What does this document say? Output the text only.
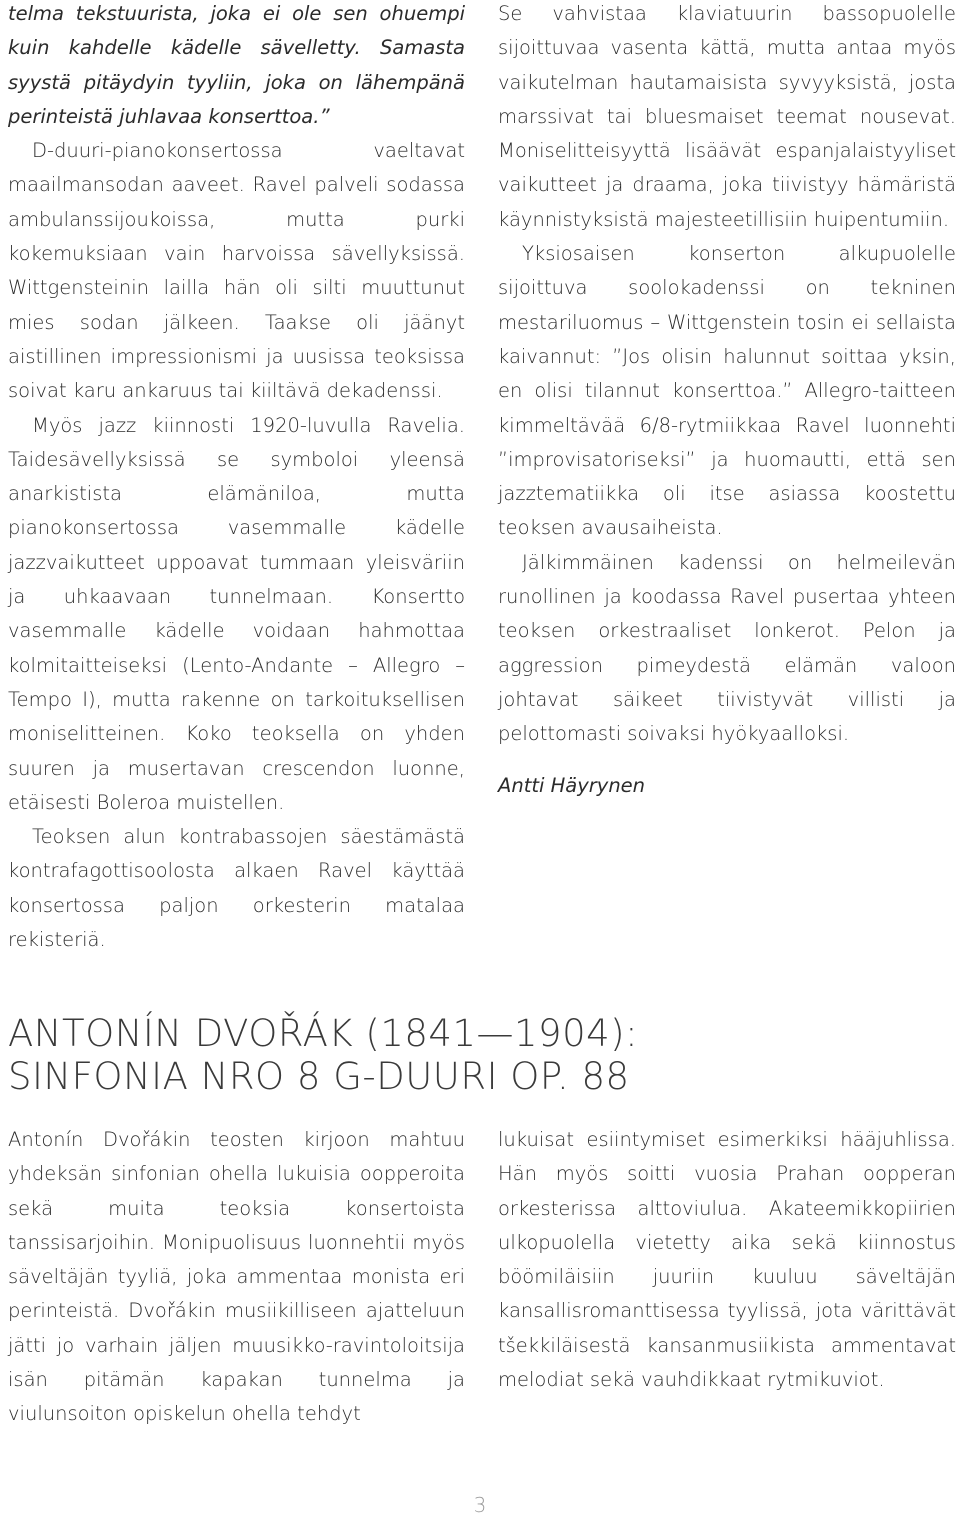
telma tekstuurista, joka ei ole sen ohuempi kuin kahdelle kädelle sävelletty. Samasta syystä pitäydyin tyyliin, joka on lähempänä perinteistä juhlavaa konserttoa.”

D-duuri-pianokonsertossa vaeltavat maailmansodan aaveet. Ravel palveli sodassa ambulanssijoukoissa, mutta purki kokemuksiaan vain harvoissa sävellyksissä. Wittgensteinin lailla hän oli silti muuttunut mies sodan jälkeen. Taakse oli jäänyt aistillinen impressionismi ja uusissa teoksissa soivat karu ankaruus tai kiiltävä dekadenssi.

Myös jazz kiinnosti 1920-luvulla Ravelia. Taidesävellyksissä se symboloi yleensä anarkistista elämäniloa, mutta pianokonsertossa vasemmalle kädelle jazzvaikutteet uppoavat tummaan yleisväriin ja uhkaavaan tunnelmaan. Konsertto vasemmalle kädelle voidaan hahmottaa kolmitaitteiseksi (Lento-Andante – Allegro – Tempo I), mutta rakenne on tarkoituksellisen moniselitteinen. Koko teoksella on yhden suuren ja musertavan crescendon luonne, etäisesti Boleroa muistellen.

Teoksen alun kontrabassojen säestämästä kontrafagottisoolosta alkaen Ravel käyttää konsertossa paljon orkesterin matalaa rekisteriä.

Se vahvistaa klaviatuurin bassopuolelle sijoittuvaa vasenta kättä, mutta antaa myös vaikutelman hautamaisista syvyyksistä, josta marssivat tai bluesmaiset teemat nousevat. Moniselitteisyyttä lisäävät espanjalaistyyliset vaikutteet ja draama, joka tiivistyy hämäristä käynnistyksistä majesteetillisiin huipentumiin.

Yksiosaisen konserton alkupuolelle sijoittuva soolokadenssi on tekninen mestariluomus – Wittgenstein tosin ei sellaista kaivannut: ”Jos olisin halunnut soittaa yksin, en olisi tilannut konserttoa.” Allegro-taitteen kimmeltävää 6/8-rytmiikkaa Ravel luonnehti ”improvisatoriseksi” ja huomautti, että sen jazztematiikka oli itse asiassa koostettu teoksen avausaiheista.

Jälkimmäinen kadenssi on helmeilevän runollinen ja koodassa Ravel pusertaa yhteen teoksen orkestraaliset lonkerot. Pelon ja aggression pimeydestä elämän valoon johtavat säikeet tiivistyvät villisti ja pelottomasti soivaksi hyökyaalloksi.

Antti Häyrynen

ANTONÍN DVOŘÁK (1841—1904):
SINFONIA NRO 8 G-DUURI OP. 88

Antonín Dvořákin teosten kirjoon mahtuu yhdeksän sinfonian ohella lukuisia oopperoita sekä muita teoksia konsertoista tanssisarjoihin. Monipuolisuus luonnehtii myös säveltäjän tyyliä, joka ammentaa monista eri perinteistä. Dvořákin musiikilliseen ajatteluun jätti jo varhain jäljen muusikko-ravintoloitsija isän pitämän kapakan tunnelma ja viulunsoiton opiskelun ohella tehdyt

lukuisat esiintymiset esimerkiksi hääjuhlissa. Hän myös soitti vuosia Prahan oopperan orkesterissa alttoviulua. Akateemikkopiirien ulkopuolella vietetty aika sekä kiinnostus böömiläisiin juuriin kuuluu säveltäjän kansallisromanttisessa tyylissä, jota värittävät tšekkiläisestä kansanmusiikista ammentavat melodiat sekä vauhdikkaat rytmikuviot.

3
